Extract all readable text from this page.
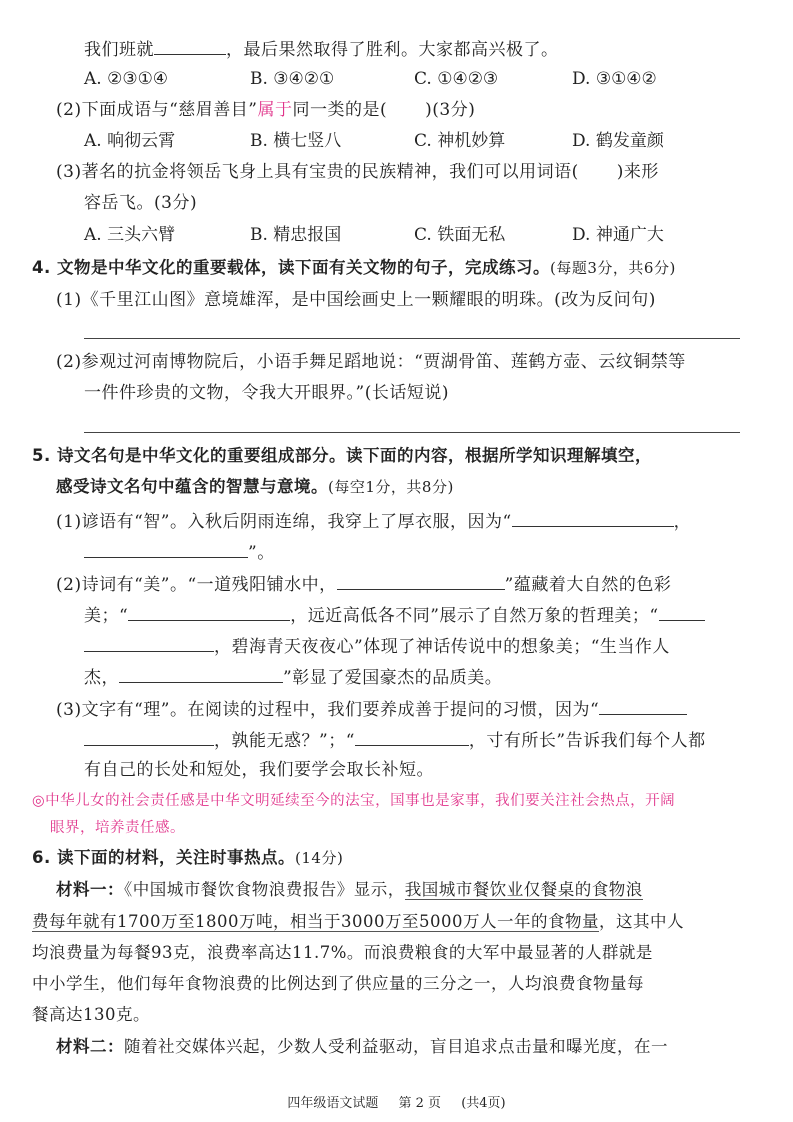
我们班就	，最后果然取得了胜利。大家都高兴极了。
A. ②③①④	B. ③④②①	C. ①④②③	D. ③①④②
(2)下面成语与“慈眉善目”属于同一类的是( )(3分)
A. 响彻云霄	B. 横七竖八	C. 神机妙算	D. 鹤发童颜
(3)著名的抗金将领岳飞身上具有宝贵的民族精神，我们可以用词语( )来形
容岳飞。(3分)
A. 三头六臂	B. 精忠报国	C. 铁面无私	D. 神通广大
4. 文物是中华文化的重要载体，读下面有关文物的句子，完成练习。(每题3分，共6分)
(1)《千里江山图》意境雄浑，是中国绘画史上一颗耀眼的明珠。(改为反问句)
(2)参观过河南博物院后，小语手舞足蹈地说：“贾湖骨笛、莲鹤方壶、云纹铜禁等
一件件珍贵的文物，令我大开眼界。”(长话短说)
5. 诗文名句是中华文化的重要组成部分。读下面的内容，根据所学知识理解填空，
感受诗文名句中蕴含的智慧与意境。(每空1分，共8分)
(1)谚语有“智”。入秋后阴雨连绵，我穿上了厚衣服，因为“	，
”。
(2)诗词有“美”。“一道残阳铺水中，	”蕴藏着大自然的色彩
美；“	，远近高低各不同”展示了自然万象的哲理美；“
，碧海青天夜夜心”体现了神话传说中的想象美；“生当作人
杰，	”彰显了爱国豪杰的品质美。
(3)文字有“理”。在阅读的过程中，我们要养成善于提问的习惯，因为“
，孰能无惑？”；“	，寸有所长”告诉我们每个人都
有自己的长处和短处，我们要学会取长补短。
◎中华儿女的社会责任感是中华文明延续至今的法宝，国事也是家事，我们要关注社会热点，开阔
眼界，培养责任感。
6. 读下面的材料，关注时事热点。(14分)
材料一：《中国城市餐饮食物浪费报告》显示，我国城市餐饮业仅餐桌的食物浪
费每年就有1700万至1800万吨，相当于3000万至5000万人一年的食物量，这其中人
均浪费量为每餐93克，浪费率高达11.7%。而浪费粮食的大军中最显著的人群就是
中小学生，他们每年食物浪费的比例达到了供应量的三分之一，人均浪费食物量每
餐高达130克。
材料二：随着社交媒体兴起，少数人受利益驱动，盲目追求点击量和曝光度，在一
四年级语文试题 第 2 页 (共4页)
